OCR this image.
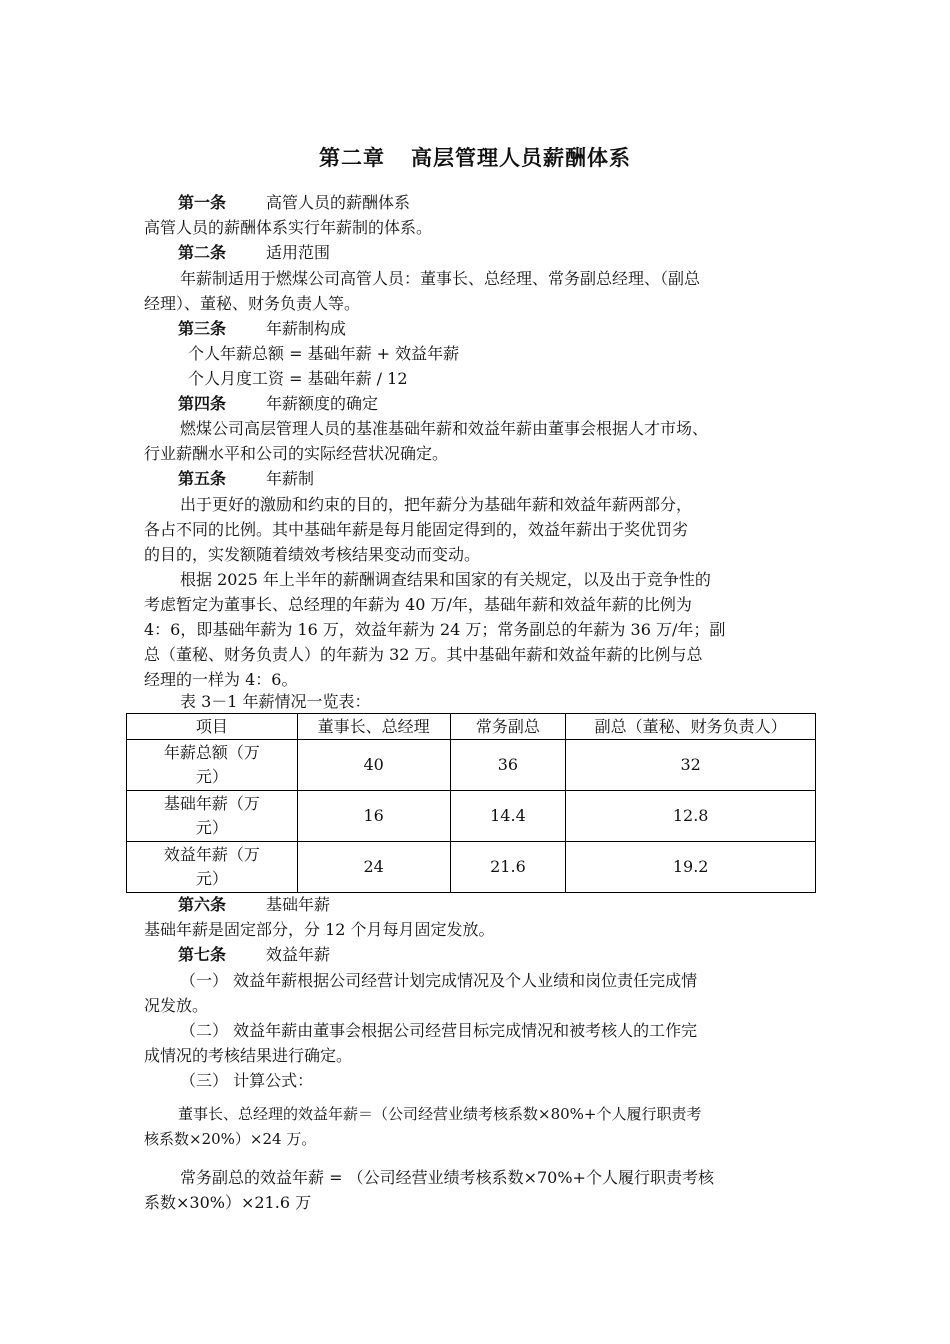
第二章 高层管理人员薪酬体系
第一条	高管人员的薪酬体系
高管人员的薪酬体系实行年薪制的体系。
第二条	适用范围
年薪制适用于燃煤公司高管人员：董事长、总经理、常务副总经理、（副总
经理）、董秘、财务负责人等。
第三条	年薪制构成
个人年薪总额 = 基础年薪 + 效益年薪
个人月度工资 = 基础年薪 / 12
第四条	年薪额度的确定
燃煤公司高层管理人员的基准基础年薪和效益年薪由董事会根据人才市场、
行业薪酬水平和公司的实际经营状况确定。
第五条	年薪制
出于更好的激励和约束的目的，把年薪分为基础年薪和效益年薪两部分，
各占不同的比例。其中基础年薪是每月能固定得到的，效益年薪出于奖优罚劣
的目的，实发额随着绩效考核结果变动而变动。
根据 2025 年上半年的薪酬调查结果和国家的有关规定，以及出于竞争性的
考虑暂定为董事长、总经理的年薪为 40 万/年，基础年薪和效益年薪的比例为
4：6，即基础年薪为 16 万，效益年薪为 24 万；常务副总的年薪为 36 万/年；副
总（董秘、财务负责人）的年薪为 32 万。其中基础年薪和效益年薪的比例与总
经理的一样为 4：6。
表 3－1 年薪情况一览表：
项目	董事长、总经理	常务副总	副总（董秘、财务负责人）
年薪总额（万
元）	40	36	32
基础年薪（万
元）	16	14.4	12.8
效益年薪（万
元）	24	21.6	19.2
第六条	基础年薪
基础年薪是固定部分，分 12 个月每月固定发放。
第七条	效益年薪
（一） 效益年薪根据公司经营计划完成情况及个人业绩和岗位责任完成情
况发放。
（二） 效益年薪由董事会根据公司经营目标完成情况和被考核人的工作完
成情况的考核结果进行确定。
（三） 计算公式：
董事长、总经理的效益年薪＝（公司经营业绩考核系数×80%+个人履行职责考
核系数×20%）×24 万。
常务副总的效益年薪 = （公司经营业绩考核系数×70%+个人履行职责考核
系数×30%）×21.6 万
